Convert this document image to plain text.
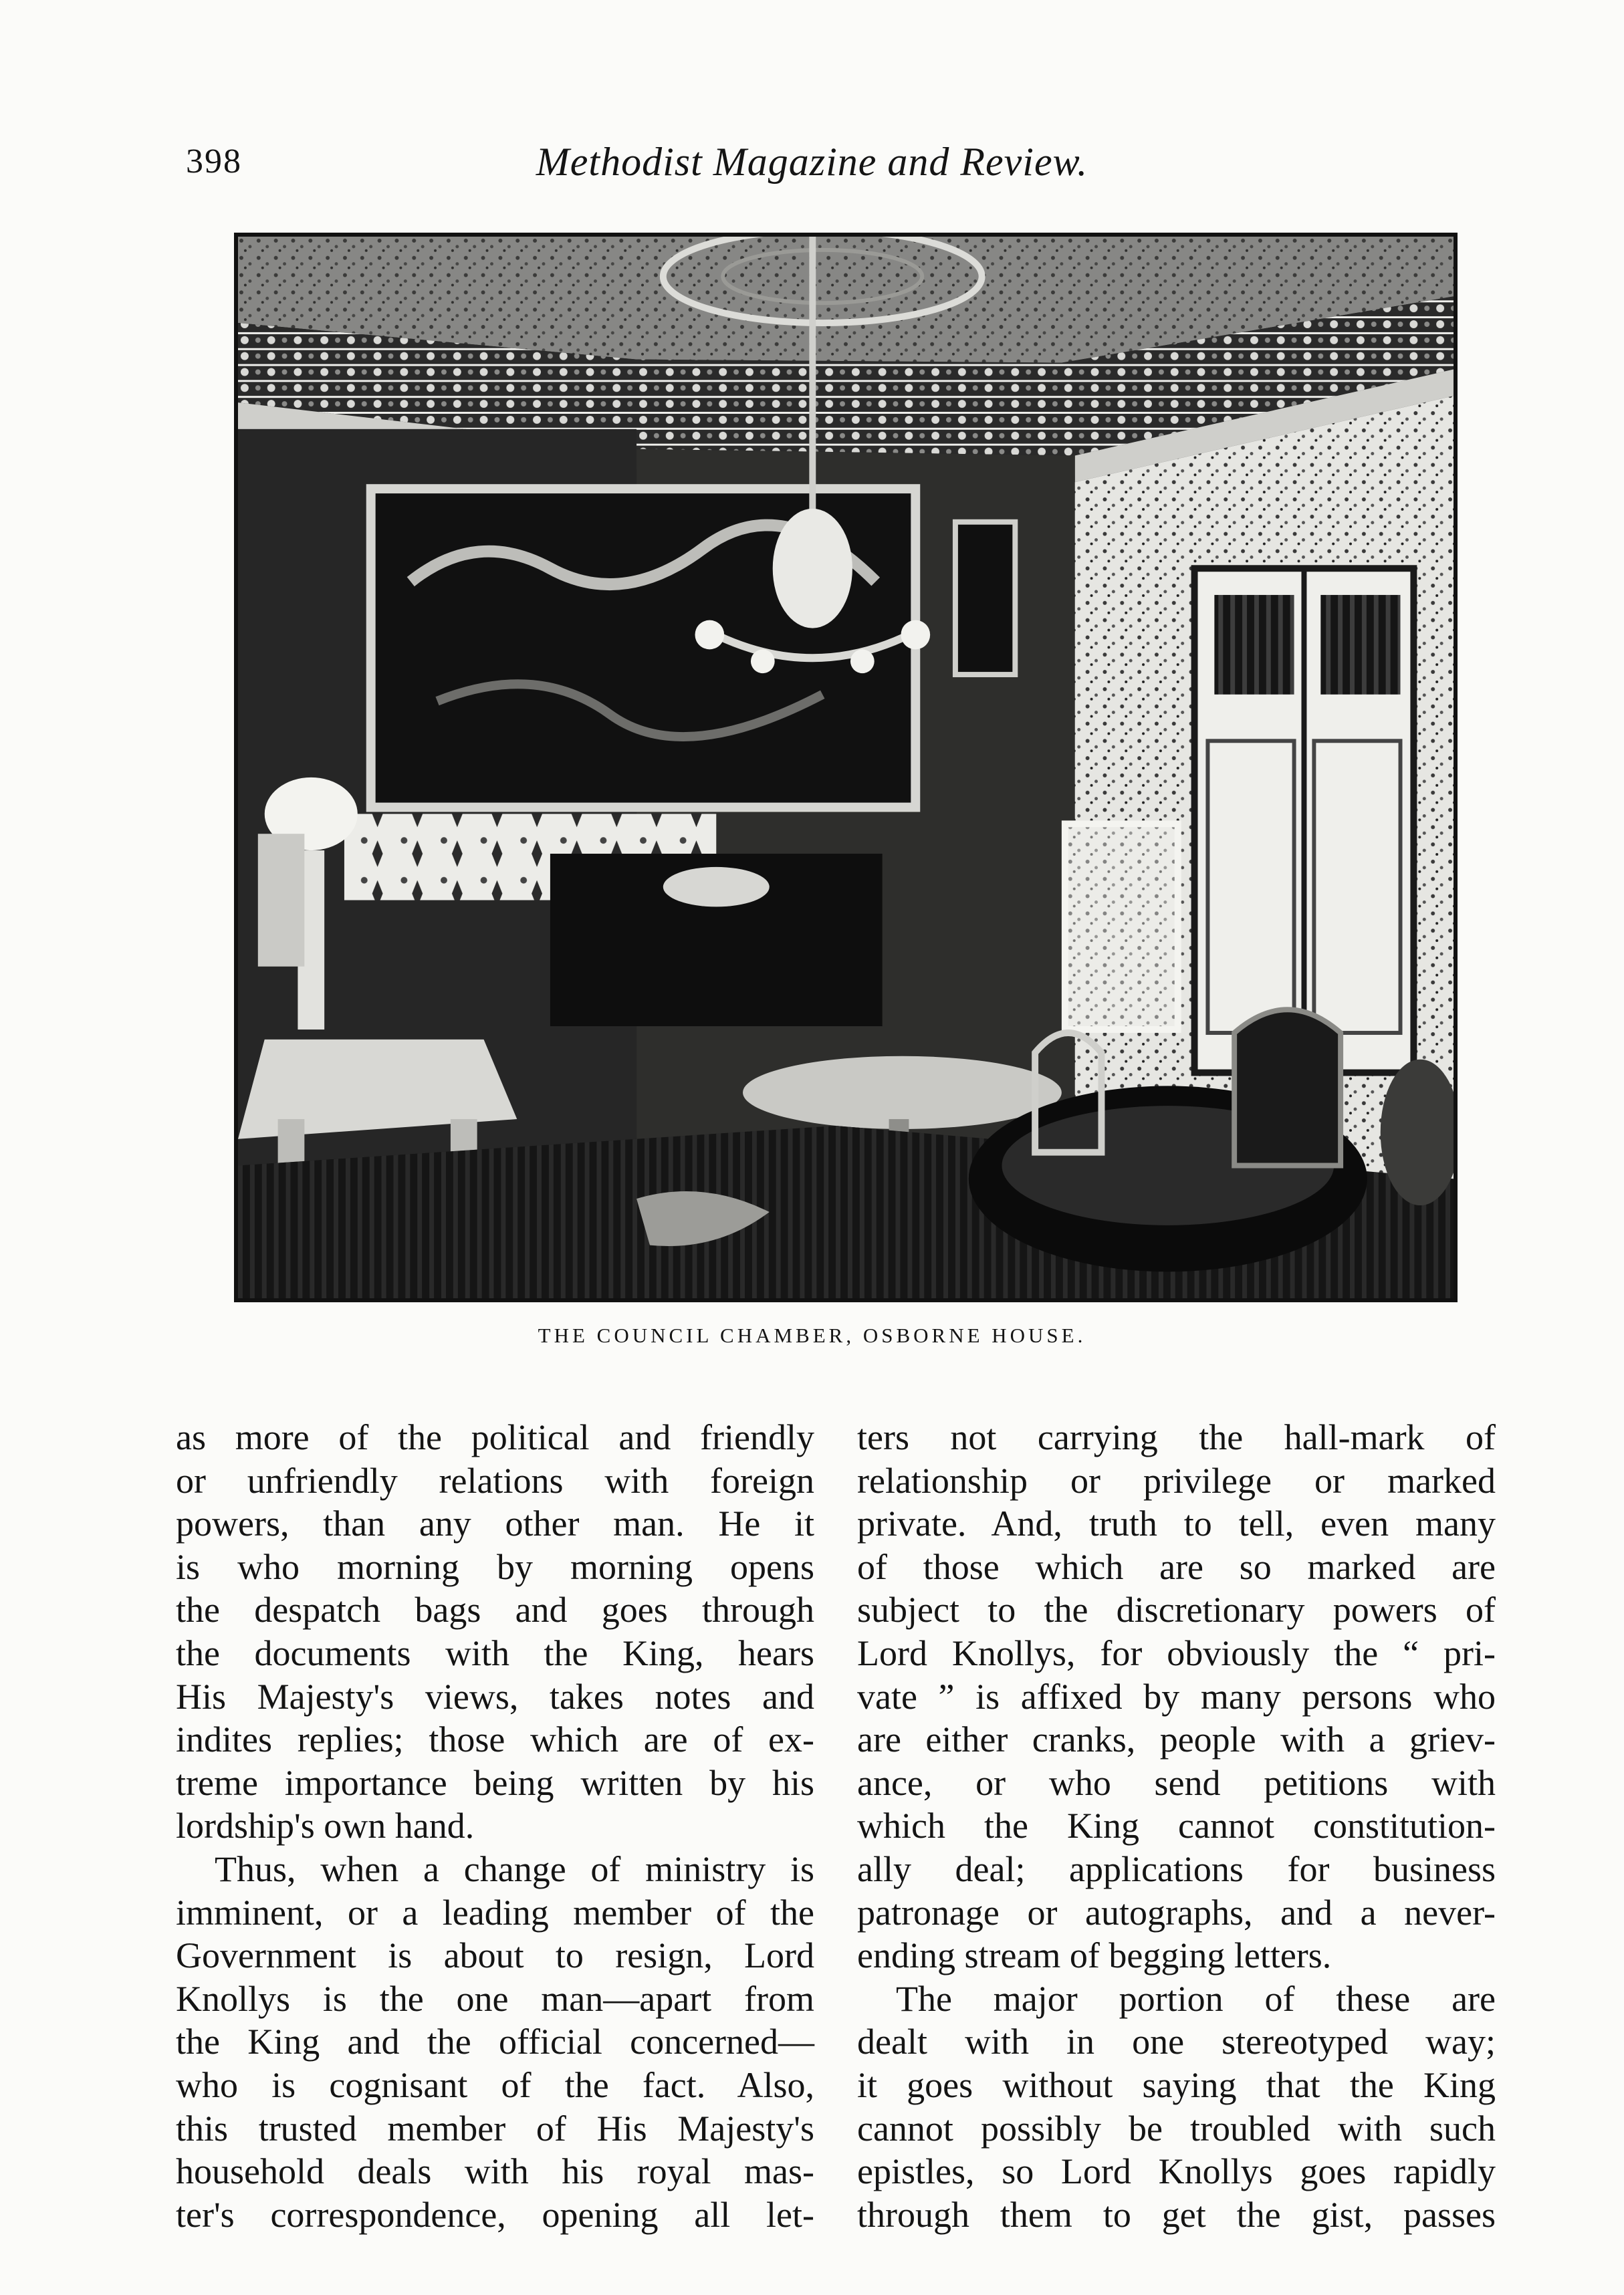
398	Methodist Magazine and Review.
THE COUNCIL CHAMBER, OSBORNE HOUSE.

as more of the political and friendly
or unfriendly relations with foreign
powers, than any other man. He it
is who morning by morning opens
the despatch bags and goes through
the documents with the King, hears
His Majesty's views, takes notes and
indites replies; those which are of ex-
treme importance being written by his
lordship's own hand.

Thus, when a change of ministry is
imminent, or a leading member of the
Government is about to resign, Lord
Knollys is the one man—apart from
the King and the official concerned—
who is cognisant of the fact. Also,
this trusted member of His Majesty's
household deals with his royal mas-
ter's correspondence, opening all let-

ters not carrying the hall-mark of
relationship or privilege or marked
private. And, truth to tell, even many
of those which are so marked are
subject to the discretionary powers of
Lord Knollys, for obviously the “ pri-
vate ” is affixed by many persons who
are either cranks, people with a griev-
ance, or who send petitions with
which the King cannot constitution-
ally deal; applications for business
patronage or autographs, and a never-
ending stream of begging letters.

The major portion of these are
dealt with in one stereotyped way;
it goes without saying that the King
cannot possibly be troubled with such
epistles, so Lord Knollys goes rapidly
through them to get the gist, passes
